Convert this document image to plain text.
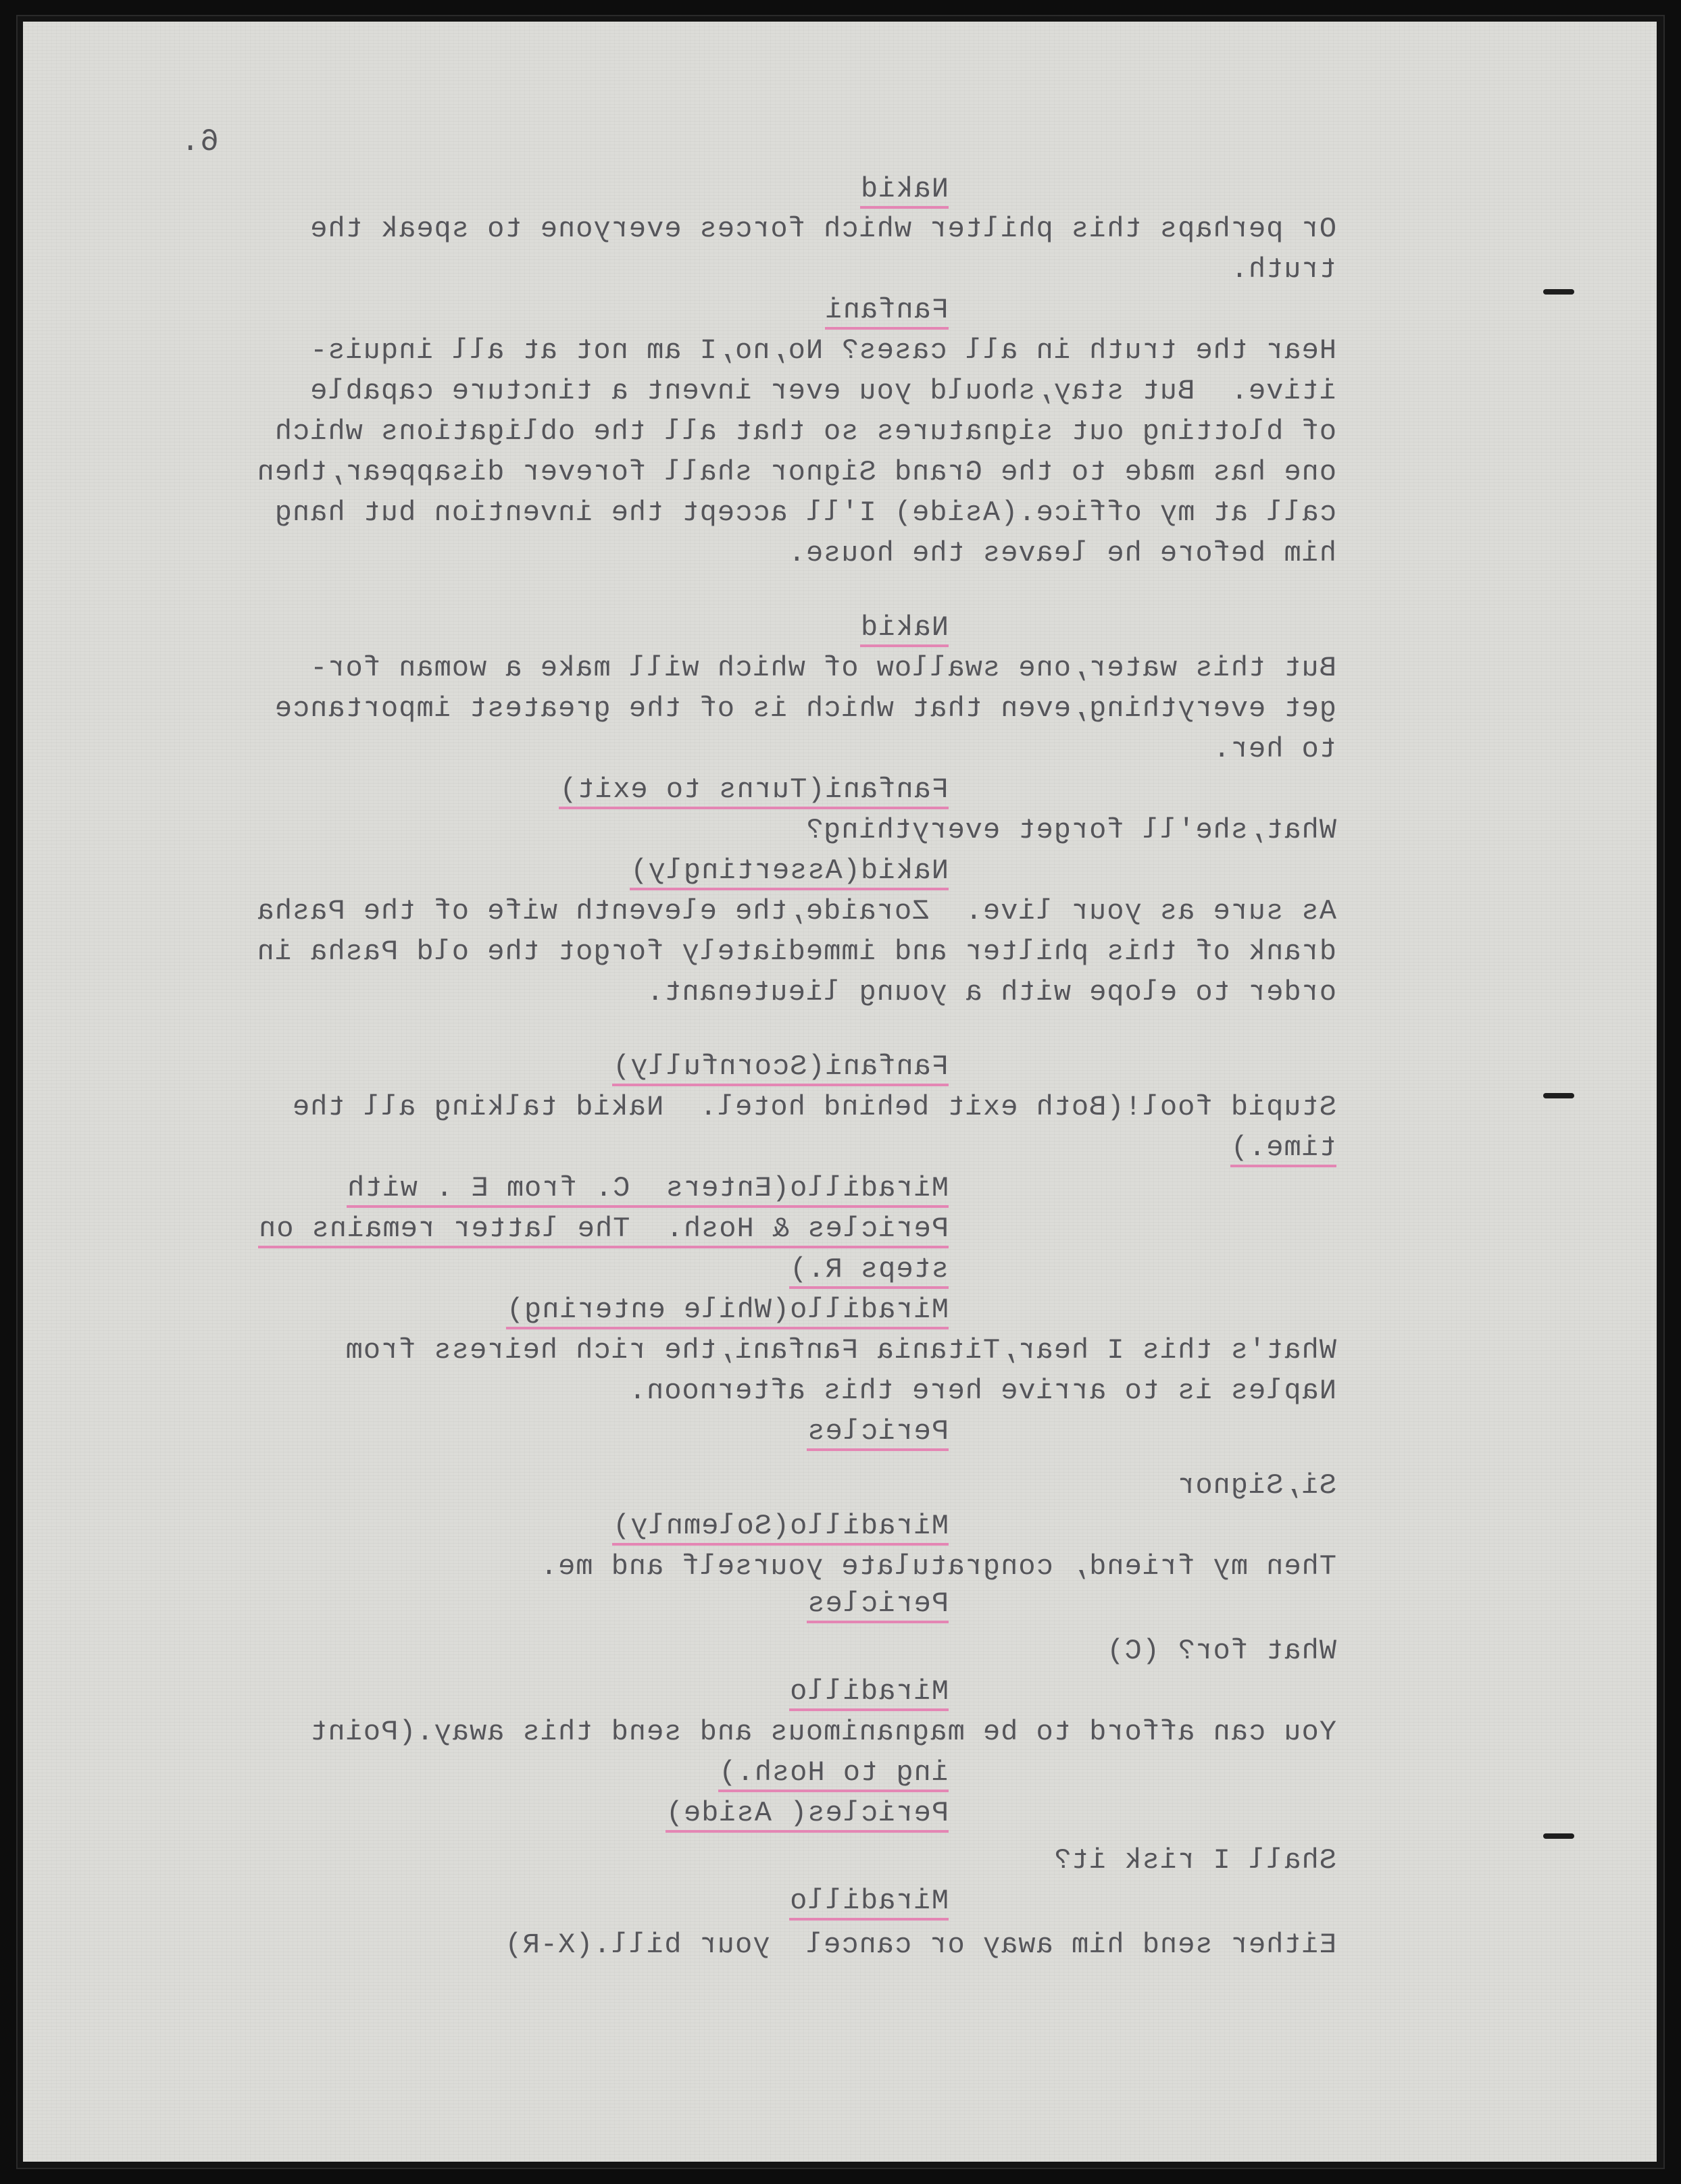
6.

Nakid

Or perhaps this philter which forces everyone to speak the

truth.

Fanfani

Hear the truth in all cases? No,no,I am not at all inquis-

itive.  But stay,should you ever invent a tincture capable

of blotting out signatures so that all the obligations which

one has made to the Grand Signor shall forever disappear,then

call at my office.(Aside) I'll accept the invention but hang

him before he leaves the house.

Nakid

But this water,one swallow of which will make a woman for-

get everything,even that which is of the greatest importance

to her.

Fanfani(Turns to exit)

What,she'll forget everything?

Nakid(Assertingly)

As sure as your live.  Zoraide,the eleventh wife of the Pasha

drank of this philter and immediately forgot the old Pasha in

order to elope with a young lieutenant.

Fanfani(Scornfully)

Stupid fool!(Both exit behind hotel.  Nakid talking all the

time.)

Miradillo(Enters  C. from E . with

Pericles & Hosh.  The latter remains on

steps R.)

Miradillo(While entering)

What's this I hear,Titania Fanfani,the rich heiress from

Naples is to arrive here this afternoon.

Pericles

Si,Signor

Miradillo(Solemnly)

Then my friend, congratulate yourself and me.

Pericles

What for? (C)

Miradillo

You can afford to be magnanimous and send this away.(Point

ing to Hosh.)

Pericles( Aside)

Shall I risk it?

Miradillo

Either send him away or cancel  your bill.(X-R)
